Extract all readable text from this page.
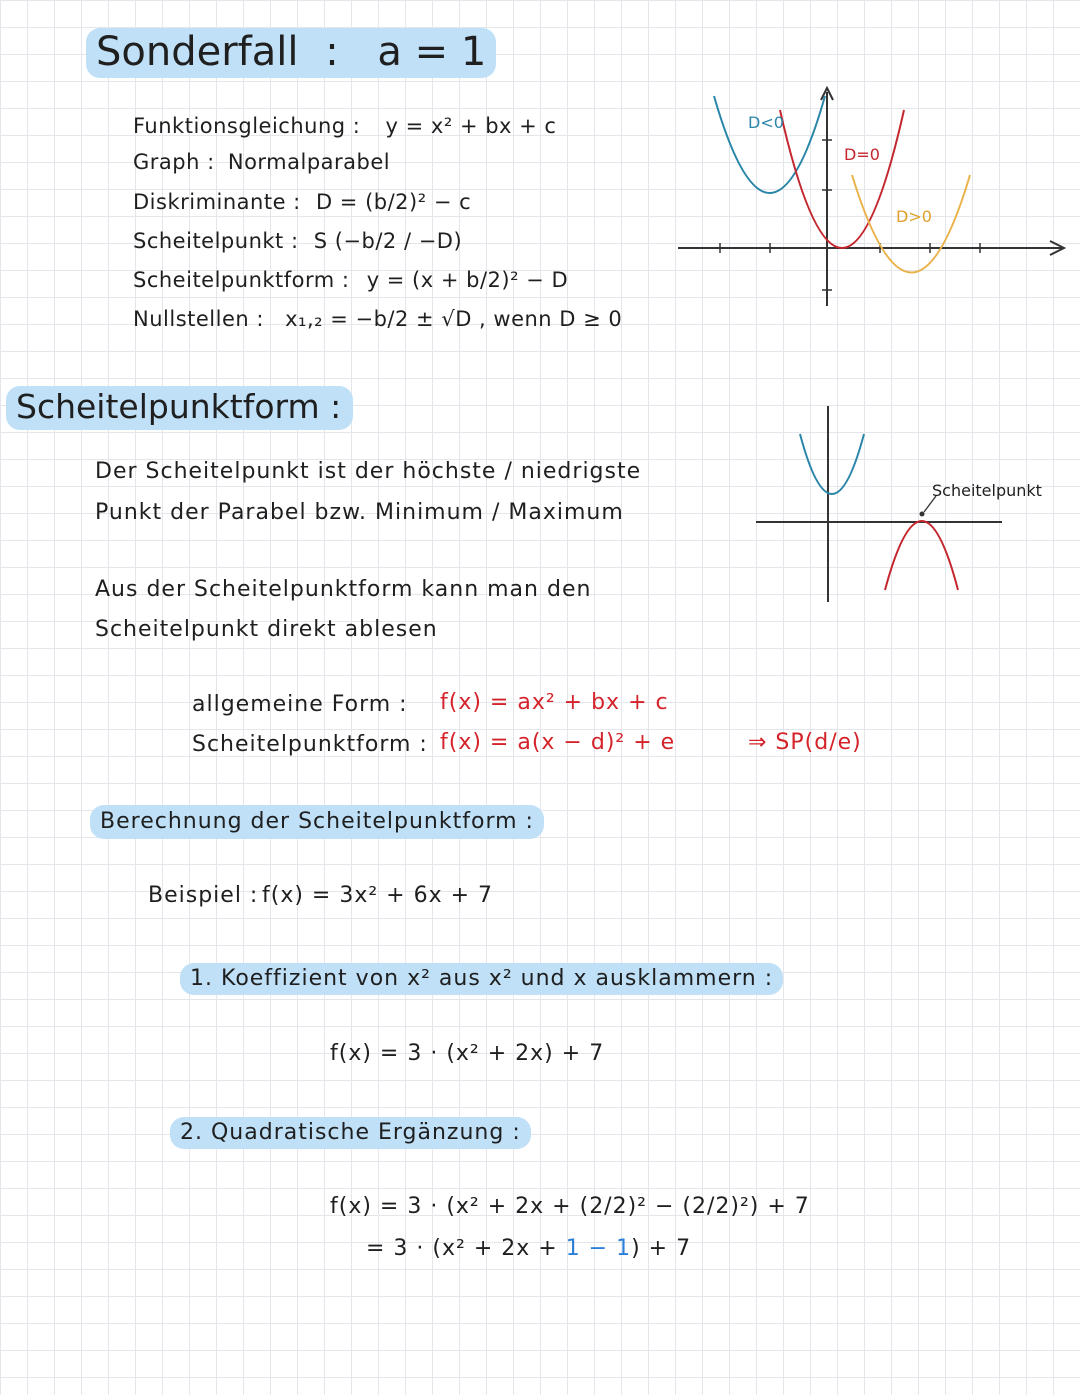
Sonderfall : a = 1
Funktionsgleichung : y = x² + bx + c
Graph : Normalparabel
Diskriminante : D = (b/2)² − c
Scheitelpunkt : S (−b/2 / −D)
Scheitelpunktform : y = (x + b/2)² − D
Nullstellen : x₁,₂ = −b/2 ± √D , wenn D ≥ 0
D<0
D=0
D>0
Scheitelpunktform :
Der Scheitelpunkt ist der höchste / niedrigste
Punkt der Parabel bzw. Minimum / Maximum
Aus der Scheitelpunktform kann man den
Scheitelpunkt direkt ablesen
Scheitelpunkt
allgemeine Form : f(x) = ax² + bx + c
Scheitelpunktform : f(x) = a(x − d)² + e	⇒ SP(d/e)
Berechnung der Scheitelpunktform :
Beispiel : f(x) = 3x² + 6x + 7
1. Koeffizient von x² aus x² und x ausklammern :
f(x) = 3 · (x² + 2x) + 7
2. Quadratische Ergänzung :
f(x) = 3 · (x² + 2x + (2/2)² − (2/2)²) + 7
= 3 · (x² + 2x + 1 − 1) + 7
